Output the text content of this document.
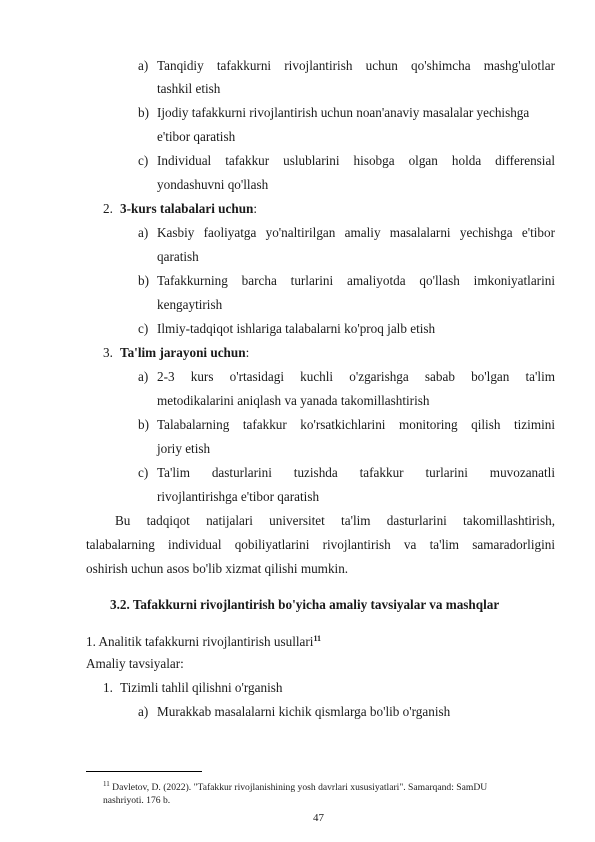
a) Tanqidiy tafakkurni rivojlantirish uchun qo'shimcha mashg'ulotlar
tashkil etish
b) Ijodiy tafakkurni rivojlantirish uchun noan'anaviy masalalar yechishga
e'tibor qaratish
c) Individual tafakkur uslublarini hisobga olgan holda differensial
yondashuvni qo'llash
2. 3-kurs talabalari uchun:
a) Kasbiy faoliyatga yo'naltirilgan amaliy masalalarni yechishga e'tibor
qaratish
b) Tafakkurning barcha turlarini amaliyotda qo'llash imkoniyatlarini
kengaytirish
c) Ilmiy-tadqiqot ishlariga talabalarni ko'proq jalb etish
3. Ta'lim jarayoni uchun:
a) 2-3 kurs o'rtasidagi kuchli o'zgarishga sabab bo'lgan ta'lim
metodikalarini aniqlash va yanada takomillashtirish
b) Talabalarning tafakkur ko'rsatkichlarini monitoring qilish tizimini
joriy etish
c) Ta'lim dasturlarini tuzishda tafakkur turlarini muvozanatli
rivojlantirishga e'tibor qaratish
Bu tadqiqot natijalari universitet ta'lim dasturlarini takomillashtirish,
talabalarning individual qobiliyatlarini rivojlantirish va ta'lim samaradorligini
oshirish uchun asos bo'lib xizmat qilishi mumkin.
3.2. Tafakkurni rivojlantirish bo'yicha amaliy tavsiyalar va mashqlar
1. Analitik tafakkurni rivojlantirish usullari$^{11}$
Amaliy tavsiyalar:
1. Tizimli tahlil qilishni o'rganish
a) Murakkab masalalarni kichik qismlarga bo'lib o'rganish
$^{11}$ Davletov, D. (2022). "Tafakkur rivojlanishining yosh davrlari xususiyatlari". Samarqand: SamDU
nashriyoti. 176 b.
47
